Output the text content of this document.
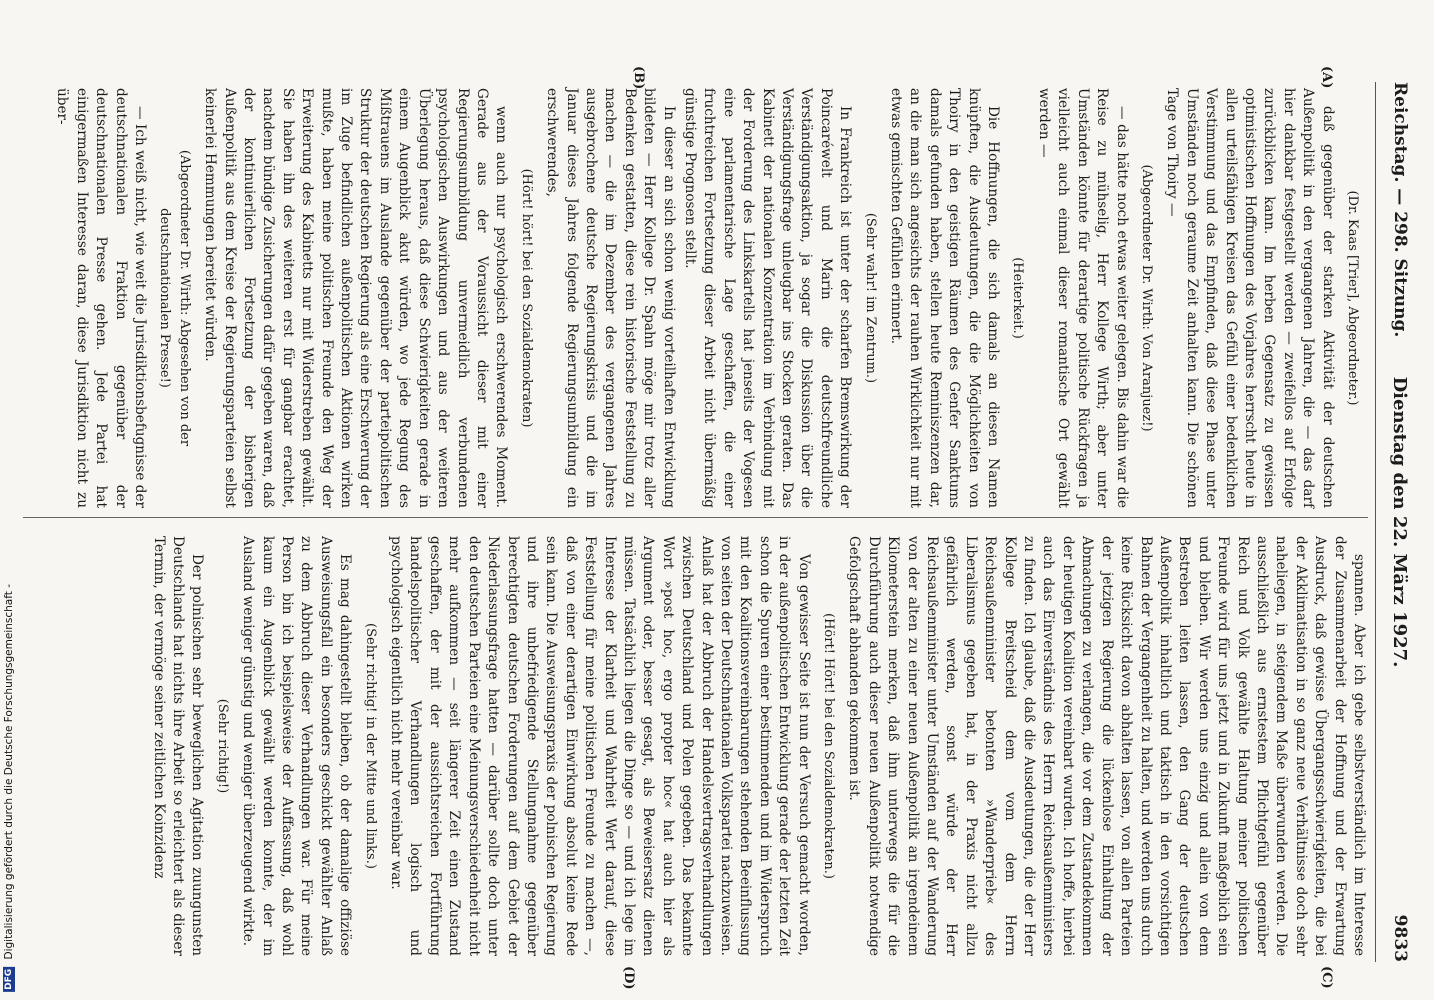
Reichstag. — 298. Sitzung.
Dienstag den 22. März 1927.
9833
(A)
(B)
(C)
(D)

(Dr. Kaas [Trier], Abgeordneter.)

daß gegenüber der starken Aktivität der deutschen Außenpolitik in den vergangenen Jahren, die — das darf hier dankbar festgestellt werden — zweifellos auf Erfolge zurückblicken kann. Im herben Gegensatz zu gewissen optimistischen Hoffnungen des Vorjahres herrscht heute in allen urteilsfähigen Kreisen das Gefühl einer bedenklichen Verstimmung und das Empfinden, daß diese Phase unter Umständen noch geraume Zeit anhalten kann. Die schönen Tage von Thoiry —

(Abgeordneter Dr. Wirth: Von Aranjuez!)

— das hätte noch etwas weiter gelegen. Bis dahin war die Reise zu mühselig, Herr Kollege Wirth; aber unter Umständen könnte für derartige politische Rückfragen ja vielleicht auch einmal dieser romantische Ort gewählt werden —

(Heiterkeit.)

Die Hoffnungen, die sich damals an diesen Namen knüpften, die Ausdeutungen, die die Möglichkeiten von Thoiry in den geistigen Räumen des Genfer Sanktums damals gefunden haben, stellen heute Reminiszenzen dar, an die man sich angesichts der rauhen Wirklichkeit nur mit etwas gemischten Gefühlen erinnert.

(Sehr wahr! im Zentrum.)

In Frankreich ist unter der scharfen Bremswirkung der Poincaréwelt und Marin die deutschfreundliche Verständigungsaktion, ja sogar die Diskussion über die Verständigungsfrage unleugbar ins Stocken geraten. Das Kabinett der nationalen Konzentration im Verbindung mit der Forderung des Linkskartells hat jenseits der Vogesen eine parlamentarische Lage geschaffen, die einer fruchtreichen Fortsetzung dieser Arbeit nicht übermäßig günstige Prognosen stellt.

In dieser an sich schon wenig vorteilhaften Entwicklung bildeten — Herr Kollege Dr. Spahn möge mir trotz aller Bedenken gestatten, diese rein historische Feststellung zu machen — die im Dezember des vergangenen Jahres ausgebrochene deutsche Regierungskrisis und die im Januar dieses Jahres folgende Regierungsumbildung ein erschwerendes,

(Hört! hört! bei den Sozialdemokraten)

wenn auch nur psychologisch erschwerendes Moment. Gerade aus der Voraussicht dieser mit einer Regierungsumbildung unvermeidlich verbundenen psychologischen Auswirkungen und aus der weiteren Überlegung heraus, daß diese Schwierigkeiten gerade in einem Augenblick akut würden, wo jede Regung des Mißtrauens im Auslande gegenüber der parteipolitischen Struktur der deutschen Regierung als eine Erschwerung der im Zuge befindlichen außenpolitischen Aktionen wirken mußte, haben meine politischen Freunde den Weg der Erweiterung des Kabinetts nur mit Widerstreben gewählt. Sie haben ihn des weiteren erst für gangbar erachtet, nachdem bündige Zusicherungen dafür gegeben waren, daß der kontinuierlichen Fortsetzung der bisherigen Außenpolitik aus dem Kreise der Regierungsparteien selbst keinerlei Hemmungen bereitet würden.

(Abgeordneter Dr. Wirth: Abgesehen von der deutschnationalen Presse!)

— Ich weiß nicht, wie weit die Jurisdiktionsbefugnisse der deutschnationalen Fraktion gegenüber der deutschnationalen Presse gehen. Jede Partei hat einigermaßen Interesse daran, diese Jurisdiktion nicht zu über-

spannen. Aber ich gebe selbstverständlich im Interesse der Zusammenarbeit der Hoffnung und der Erwartung Ausdruck, daß gewisse Übergangsschwierigkeiten, die bei der Akklimatisation in so ganz neue Verhältnisse doch sehr naheliegen, in steigendem Maße überwunden werden. Die ausschließlich aus ernstestem Pflichtgefühl gegenüber Reich und Volk gewählte Haltung meiner politischen Freunde wird für uns jetzt und in Zukunft maßgeblich sein und bleiben. Wir werden uns einzig und allein von dem Bestreben leiten lassen, den Gang der deutschen Außenpolitik inhaltlich und taktisch in den vorsichtigen Bahnen der Vergangenheit zu halten, und werden uns durch keine Rücksicht davon abhalten lassen, von allen Parteien der jetzigen Regierung die lückenlose Einhaltung der Abmachungen zu verlangen, die vor dem Zustandekommen der heutigen Koalition vereinbart wurden. Ich hoffe, hierbei auch das Einverständnis des Herrn Reichsaußenministers zu finden. Ich glaube, daß die Ausdeutungen, die der Herr Kollege Breitscheid dem vom dem Herrn Reichsaußenminister betonten »Wanderprieb« des Liberalismus gegeben hat, in der Praxis nicht allzu gefährlich werden, sonst würde der Herr Reichsaußenminister unter Umständen auf der Wanderung von der alten zu einer neuen Außenpolitik an irgendeinem Kilometerstein merken, daß ihm unterwegs die für die Durchführung auch dieser neuen Außenpolitik notwendige Gefolgschaft abhanden gekommen ist.

(Hört! Hört! bei den Sozialdemokraten.)

Von gewisser Seite ist nun der Versuch gemacht worden, in der außenpolitischen Entwicklung gerade der letzten Zeit schon die Spuren einer bestimmenden und im Widerspruch mit den Koalitionsvereinbarungen stehenden Beeinflussung von seiten der Deutschnationalen Volkspartei nachzuweisen. Anlaß hat der Abbruch der Handelsvertragsverhandlungen zwischen Deutschland und Polen gegeben. Das bekannte Wort »post hoc, ergo propter hoc« hat auch hier als Argument oder, besser gesagt, als Beweisersatz dienen müssen. Tatsächlich liegen die Dinge so — und ich lege im Interesse der Klarheit und Wahrheit Wert darauf, diese Feststellung für meine politischen Freunde zu machen —, daß von einer derartigen Einwirkung absolut keine Rede sein kann. Die Ausweisungspraxis der polnischen Regierung und ihre unbefriedigende Stellungnahme gegenüber berechtigten deutschen Forderungen auf dem Gebiet der Niederlassungsfrage hatten — darüber sollte doch unter den deutschen Parteien eine Meinungsverschiedenheit nicht mehr aufkommen — seit längerer Zeit einen Zustand geschaffen, der mit der aussichtsreichen Fortführung handelspolitischer Verhandlungen logisch und psychologisch eigentlich nicht mehr vereinbar war.

(Sehr richtig! in der Mitte und links.)

Es mag dahingestellt bleiben, ob der damalige offiziöse Ausweisungsfall ein besonders geschickt gewählter Anlaß zu dem Abbruch dieser Verhandlungen war. Für meine Person bin ich beispielsweise der Auffassung, daß wohl kaum ein Augenblick gewählt werden konnte, der im Ausland weniger günstig und weniger überzeugend wirkte.

(Sehr richtig!)

Der polnischen sehr beweglichen Agitation zuungunsten Deutschlands hat nichts ihre Arbeit so erleichtert als dieser Termin, der vermöge seiner zeitlichen Koinzidenz

DFG Digitalisierung gefördert durch die Deutsche Forschungsgemeinschaft -
